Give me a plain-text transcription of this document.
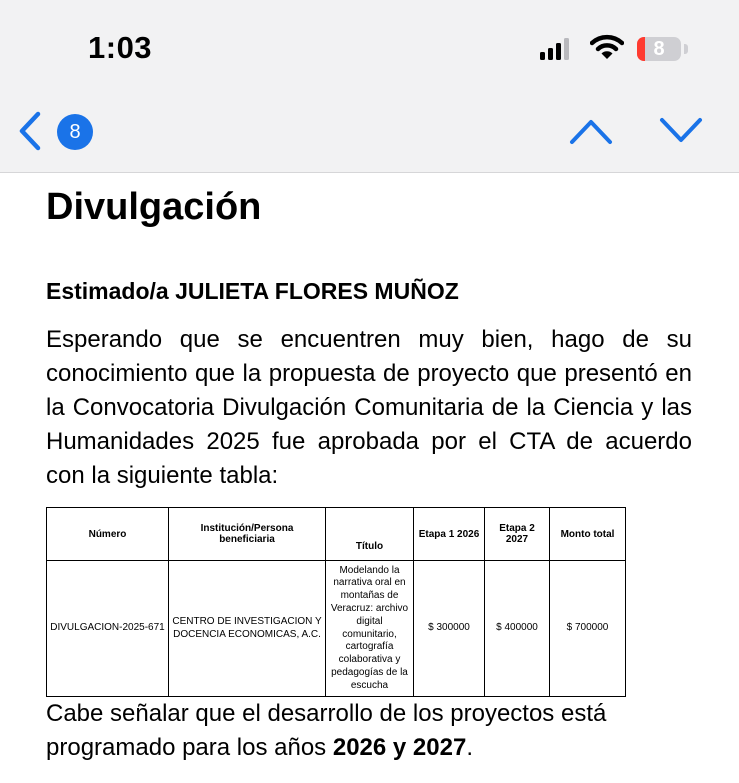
1:03	8
8
Divulgación
Estimado/a JULIETA FLORES MUÑOZ

Esperando que se encuentren muy bien, hago de su conocimiento que la propuesta de proyecto que presentó en la Convocatoria Divulgación Comunitaria de la Ciencia y las Humanidades 2025 fue aprobada por el CTA de acuerdo con la siguiente tabla:

Número	Institución/Persona beneficiaria	Título	Etapa 1 2026	Etapa 2 2027	Monto total
DIVULGACION-2025-671	CENTRO DE INVESTIGACION Y DOCENCIA ECONOMICAS, A.C.	Modelando la narrativa oral en montañas de Veracruz: archivo digital comunitario, cartografía colaborativa y pedagogías de la escucha	$ 300000	$ 400000	$ 700000

Cabe señalar que el desarrollo de los proyectos está programado para los años 2026 y 2027.
